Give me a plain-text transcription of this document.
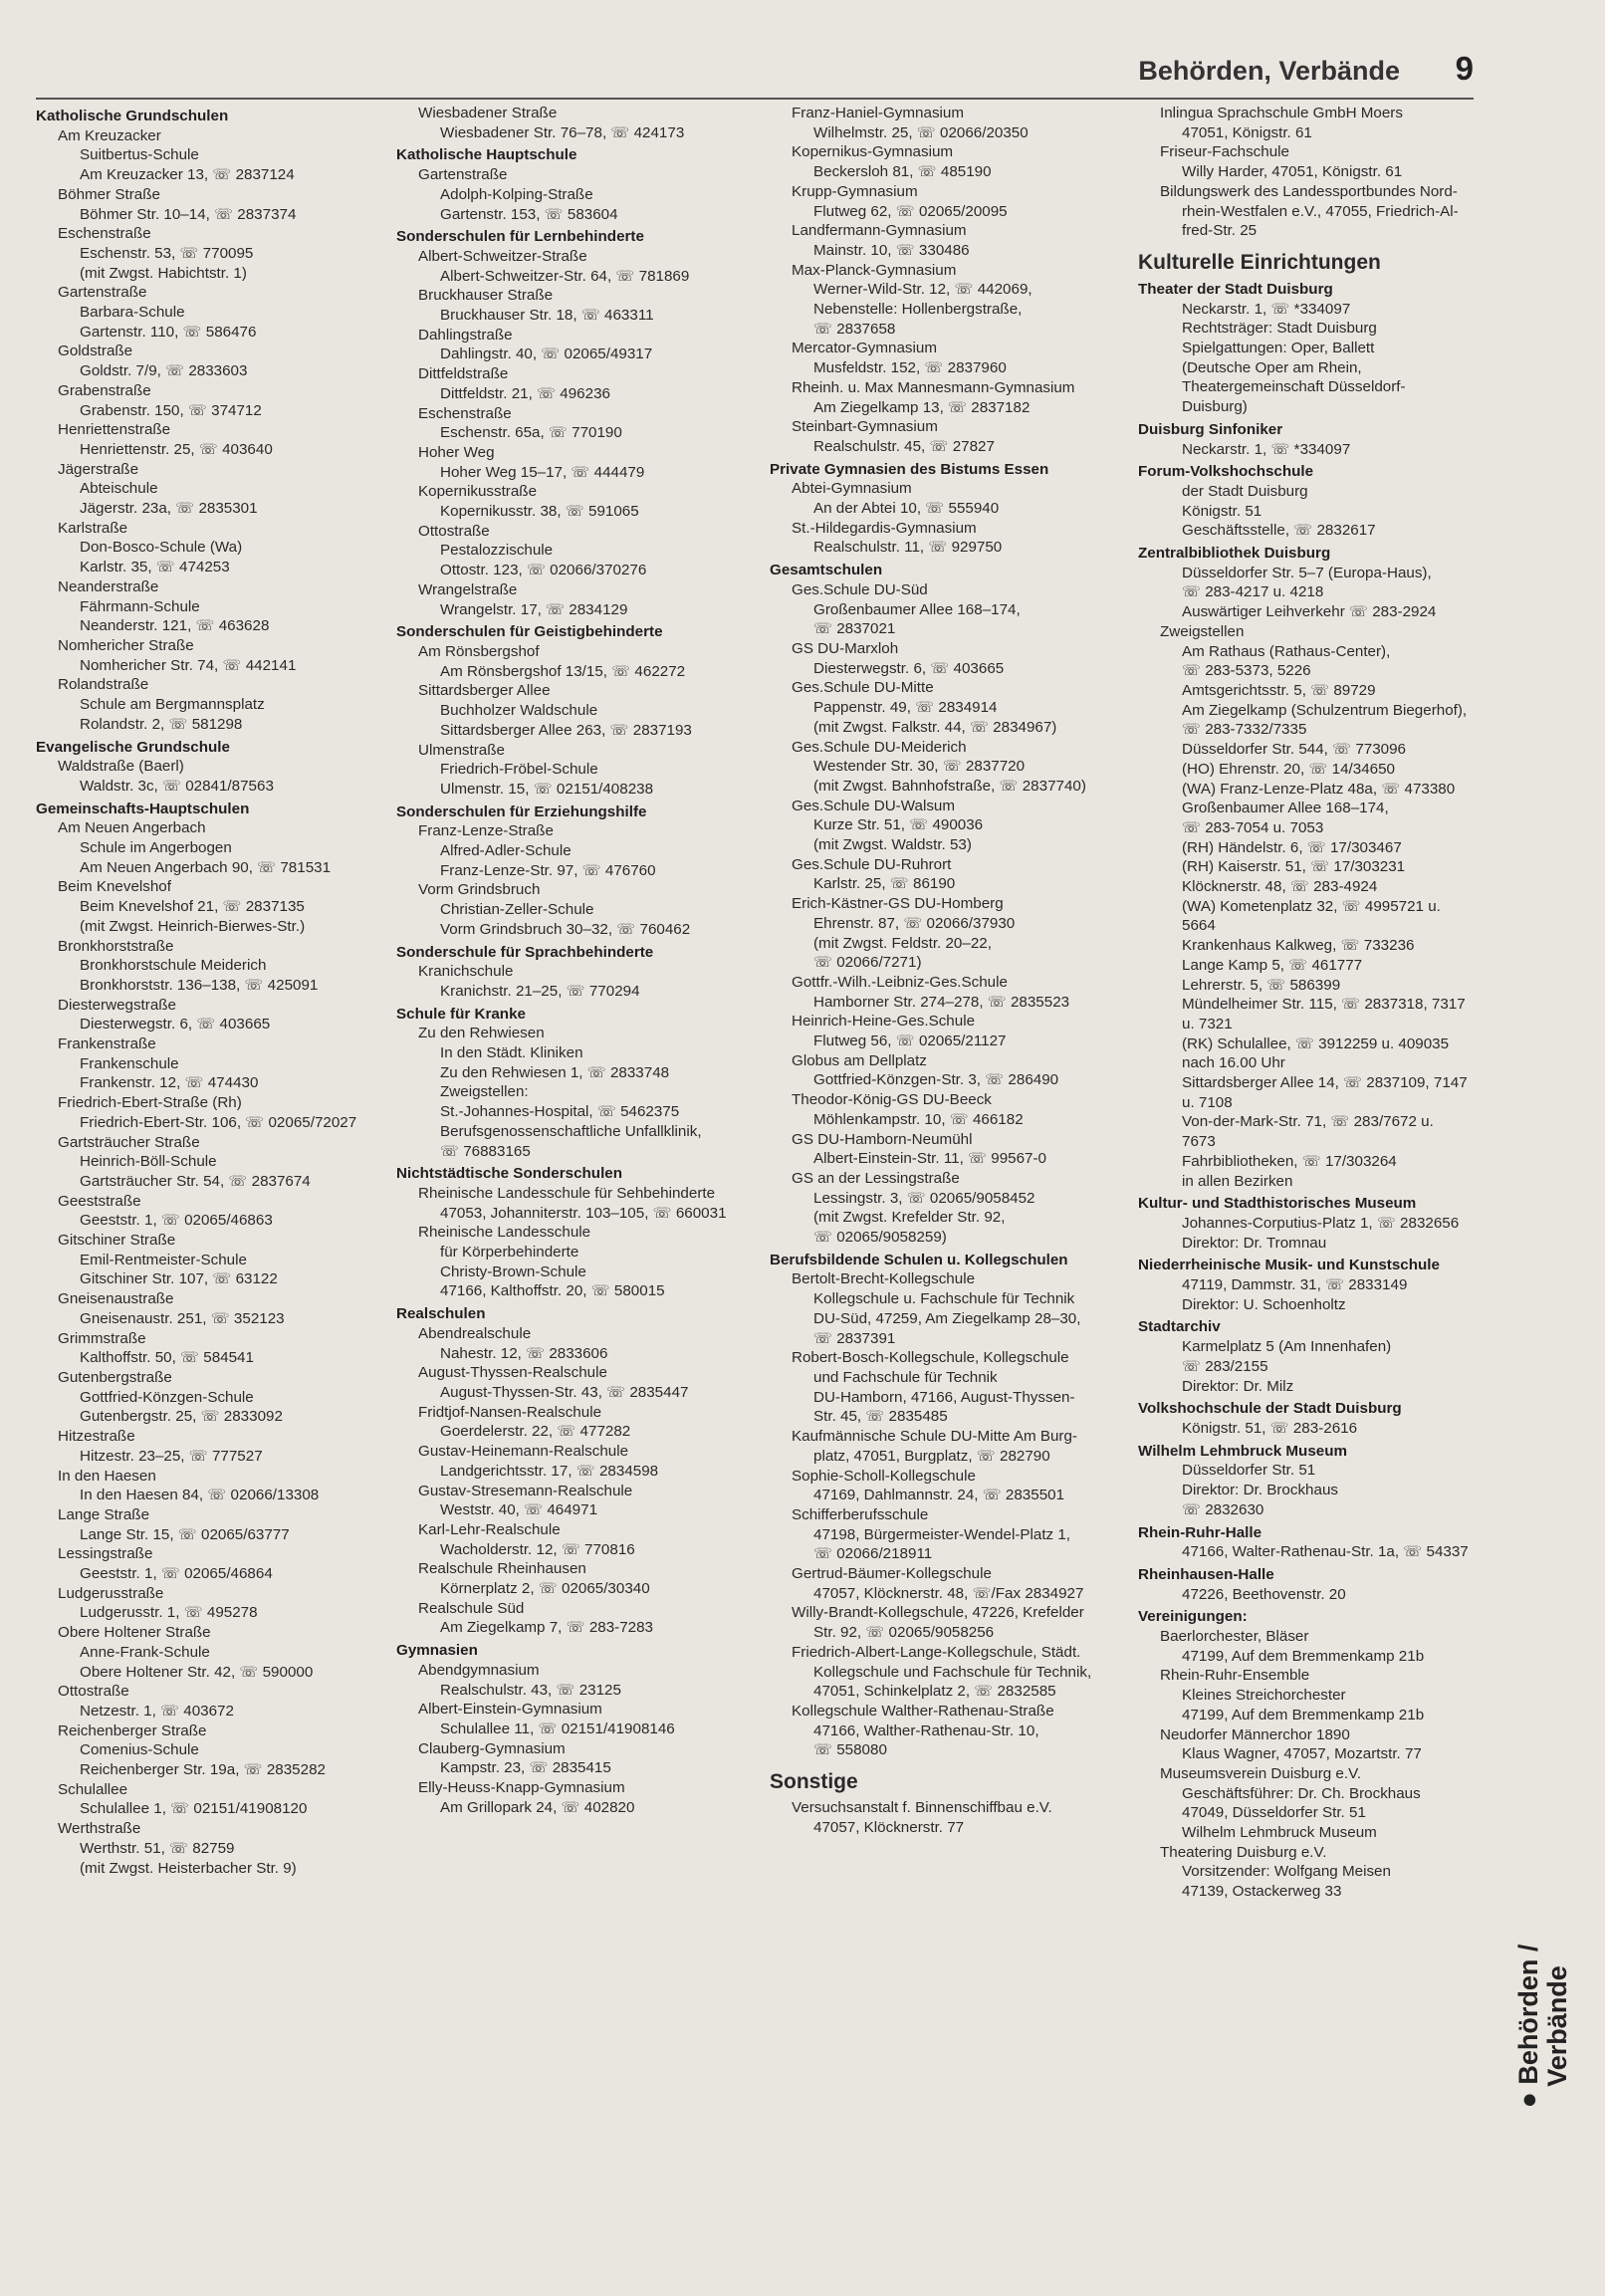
Behörden, Verbände 9
Katholische Grundschulen
Am Kreuzacker
Suitbertus-Schule
Am Kreuzacker 13, ☏ 2837124
Böhmer Straße
Böhmer Str. 10–14, ☏ 2837374
Eschenstraße
Eschenstr. 53, ☏ 770095
(mit Zwgst. Habichtstr. 1)
Gartenstraße
Barbara-Schule
Gartenstr. 110, ☏ 586476
Goldstraße
Goldstr. 7/9, ☏ 2833603
Grabenstraße
Grabenstr. 150, ☏ 374712
Henriettenstraße
Henriettenstr. 25, ☏ 403640
Jägerstraße
Abteischule
Jägerstr. 23a, ☏ 2835301
Karlstraße
Don-Bosco-Schule (Wa)
Karlstr. 35, ☏ 474253
Neanderstraße
Fährmann-Schule
Neanderstr. 121, ☏ 463628
Nomhericher Straße
Nomhericher Str. 74, ☏ 442141
Rolandstraße
Schule am Bergmannsplatz
Rolandstr. 2, ☏ 581298
Evangelische Grundschule
Waldstraße (Baerl)
Waldstr. 3c, ☏ 02841/87563
Gemeinschafts-Hauptschulen
Am Neuen Angerbach
Schule im Angerbogen
Am Neuen Angerbach 90, ☏ 781531
Beim Knevelshof
Beim Knevelshof 21, ☏ 2837135
(mit Zwgst. Heinrich-Bierwes-Str.)
Bronkhorststraße
Bronkhorstschule Meiderich
Bronkhorststr. 136–138, ☏ 425091
Diesterwegstraße
Diesterwegstr. 6, ☏ 403665
Frankenstraße
Frankenschule
Frankenstr. 12, ☏ 474430
Friedrich-Ebert-Straße (Rh)
Friedrich-Ebert-Str. 106, ☏ 02065/72027
Gartsträucher Straße
Heinrich-Böll-Schule
Gartsträucher Str. 54, ☏ 2837674
Geeststraße
Geeststr. 1, ☏ 02065/46863
Gitschiner Straße
Emil-Rentmeister-Schule
Gitschiner Str. 107, ☏ 63122
Gneisenaustraße
Gneisenaustr. 251, ☏ 352123
Grimmstraße
Kalthoffstr. 50, ☏ 584541
Gutenbergstraße
Gottfried-Könzgen-Schule
Gutenbergstr. 25, ☏ 2833092
Hitzestraße
Hitzestr. 23–25, ☏ 777527
In den Haesen
In den Haesen 84, ☏ 02066/13308
Lange Straße
Lange Str. 15, ☏ 02065/63777
Lessingstraße
Geeststr. 1, ☏ 02065/46864
Ludgerusstraße
Ludgerusstr. 1, ☏ 495278
Obere Holtener Straße
Anne-Frank-Schule
Obere Holtener Str. 42, ☏ 590000
Ottostraße
Netzestr. 1, ☏ 403672
Reichenberger Straße
Comenius-Schule
Reichenberger Str. 19a, ☏ 2835282
Schulallee
Schulallee 1, ☏ 02151/41908120
Werthstraße
Werthstr. 51, ☏ 82759
(mit Zwgst. Heisterbacher Str. 9)
Wiesbadener Straße
Wiesbadener Str. 76–78, ☏ 424173
Katholische Hauptschule
Gartenstraße
Adolph-Kolping-Straße
Gartenstr. 153, ☏ 583604
Sonderschulen für Lernbehinderte
Albert-Schweitzer-Straße
Albert-Schweitzer-Str. 64, ☏ 781869
Bruckhauser Straße
Bruckhauser Str. 18, ☏ 463311
Dahlingstraße
Dahlingstr. 40, ☏ 02065/49317
Dittfeldstraße
Dittfeldstr. 21, ☏ 496236
Eschenstraße
Eschenstr. 65a, ☏ 770190
Hoher Weg
Hoher Weg 15–17, ☏ 444479
Kopernikusstraße
Kopernikusstr. 38, ☏ 591065
Ottostraße
Pestalozzischule
Ottostr. 123, ☏ 02066/370276
Wrangelstraße
Wrangelstr. 17, ☏ 2834129
Sonderschulen für Geistigbehinderte
Am Rönsbergshof
Am Rönsbergshof 13/15, ☏ 462272
Sittardsberger Allee
Buchholzer Waldschule
Sittardsberger Allee 263, ☏ 2837193
Ulmenstraße
Friedrich-Fröbel-Schule
Ulmenstr. 15, ☏ 02151/408238
Sonderschulen für Erziehungshilfe
Franz-Lenze-Straße
Alfred-Adler-Schule
Franz-Lenze-Str. 97, ☏ 476760
Vorm Grindsbruch
Christian-Zeller-Schule
Vorm Grindsbruch 30–32, ☏ 760462
Sonderschule für Sprachbehinderte
Kranichschule
Kranichstr. 21–25, ☏ 770294
Schule für Kranke
Zu den Rehwiesen
In den Städt. Kliniken
Zu den Rehwiesen 1, ☏ 2833748
Zweigstellen:
St.-Johannes-Hospital, ☏ 5462375
Berufsgenossenschaftliche Unfallklinik,
☏ 76883165
Nichtstädtische Sonderschulen
Rheinische Landesschule für Sehbehinderte
47053, Johanniterstr. 103–105, ☏ 660031
Rheinische Landesschule
für Körperbehinderte
Christy-Brown-Schule
47166, Kalthoffstr. 20, ☏ 580015
Realschulen
Abendrealschule
Nahestr. 12, ☏ 2833606
August-Thyssen-Realschule
August-Thyssen-Str. 43, ☏ 2835447
Fridtjof-Nansen-Realschule
Goerdelerstr. 22, ☏ 477282
Gustav-Heinemann-Realschule
Landgerichtsstr. 17, ☏ 2834598
Gustav-Stresemann-Realschule
Weststr. 40, ☏ 464971
Karl-Lehr-Realschule
Wacholderstr. 12, ☏ 770816
Realschule Rheinhausen
Körnerplatz 2, ☏ 02065/30340
Realschule Süd
Am Ziegelkamp 7, ☏ 283-7283
Gymnasien
Abendgymnasium
Realschulstr. 43, ☏ 23125
Albert-Einstein-Gymnasium
Schulallee 11, ☏ 02151/41908146
Clauberg-Gymnasium
Kampstr. 23, ☏ 2835415
Elly-Heuss-Knapp-Gymnasium
Am Grillopark 24, ☏ 402820
Franz-Haniel-Gymnasium
Wilhelmstr. 25, ☏ 02066/20350
Kopernikus-Gymnasium
Beckersloh 81, ☏ 485190
Krupp-Gymnasium
Flutweg 62, ☏ 02065/20095
Landfermann-Gymnasium
Mainstr. 10, ☏ 330486
Max-Planck-Gymnasium
Werner-Wild-Str. 12, ☏ 442069,
Nebenstelle: Hollenbergstraße,
☏ 2837658
Mercator-Gymnasium
Musfeldstr. 152, ☏ 2837960
Rheinh. u. Max Mannesmann-Gymnasium
Am Ziegelkamp 13, ☏ 2837182
Steinbart-Gymnasium
Realschulstr. 45, ☏ 27827
Private Gymnasien des Bistums Essen
Abtei-Gymnasium
An der Abtei 10, ☏ 555940
St.-Hildegardis-Gymnasium
Realschulstr. 11, ☏ 929750
Gesamtschulen
Ges.Schule DU-Süd
Großenbaumer Allee 168–174,
☏ 2837021
GS DU-Marxloh
Diesterwegstr. 6, ☏ 403665
Ges.Schule DU-Mitte
Pappenstr. 49, ☏ 2834914
(mit Zwgst. Falkstr. 44, ☏ 2834967)
Ges.Schule DU-Meiderich
Westender Str. 30, ☏ 2837720
(mit Zwgst. Bahnhofstraße, ☏ 2837740)
Ges.Schule DU-Walsum
Kurze Str. 51, ☏ 490036
(mit Zwgst. Waldstr. 53)
Ges.Schule DU-Ruhrort
Karlstr. 25, ☏ 86190
Erich-Kästner-GS DU-Homberg
Ehrenstr. 87, ☏ 02066/37930
(mit Zwgst. Feldstr. 20–22,
☏ 02066/7271)
Gottfr.-Wilh.-Leibniz-Ges.Schule
Hamborner Str. 274–278, ☏ 2835523
Heinrich-Heine-Ges.Schule
Flutweg 56, ☏ 02065/21127
Globus am Dellplatz
Gottfried-Könzgen-Str. 3, ☏ 286490
Theodor-König-GS DU-Beeck
Möhlenkampstr. 10, ☏ 466182
GS DU-Hamborn-Neumühl
Albert-Einstein-Str. 11, ☏ 99567-0
GS an der Lessingstraße
Lessingstr. 3, ☏ 02065/9058452
(mit Zwgst. Krefelder Str. 92,
☏ 02065/9058259)
Berufsbildende Schulen u. Kollegschulen
Bertolt-Brecht-Kollegschule
Kollegschule u. Fachschule für Technik
DU-Süd, 47259, Am Ziegelkamp 28–30,
☏ 2837391
Robert-Bosch-Kollegschule, Kollegschule
und Fachschule für Technik
DU-Hamborn, 47166, August-Thyssen-
Str. 45, ☏ 2835485
Kaufmännische Schule DU-Mitte Am Burg-
platz, 47051, Burgplatz, ☏ 282790
Sophie-Scholl-Kollegschule
47169, Dahlmannstr. 24, ☏ 2835501
Schifferberufsschule
47198, Bürgermeister-Wendel-Platz 1,
☏ 02066/218911
Gertrud-Bäumer-Kollegschule
47057, Klöcknerstr. 48, ☏/Fax 2834927
Willy-Brandt-Kollegschule, 47226, Krefelder
Str. 92, ☏ 02065/9058256
Friedrich-Albert-Lange-Kollegschule, Städt.
Kollegschule und Fachschule für Technik,
47051, Schinkelplatz 2, ☏ 2832585
Kollegschule Walther-Rathenau-Straße
47166, Walther-Rathenau-Str. 10,
☏ 558080
Sonstige
Versuchsanstalt f. Binnenschiffbau e.V.
47057, Klöcknerstr. 77
Inlingua Sprachschule GmbH Moers
47051, Königstr. 61
Friseur-Fachschule
Willy Harder, 47051, Königstr. 61
Bildungswerk des Landessportbundes Nord-
rhein-Westfalen e.V., 47055, Friedrich-Al-
fred-Str. 25
Kulturelle Einrichtungen
Theater der Stadt Duisburg
Neckarstr. 1, ☏ *334097
Rechtsträger: Stadt Duisburg
Spielgattungen: Oper, Ballett
(Deutsche Oper am Rhein,
Theatergemeinschaft Düsseldorf-
Duisburg)
Duisburg Sinfoniker
Neckarstr. 1, ☏ *334097
Forum-Volkshochschule
der Stadt Duisburg
Königstr. 51
Geschäftsstelle, ☏ 2832617
Zentralbibliothek Duisburg
Düsseldorfer Str. 5–7 (Europa-Haus),
☏ 283-4217 u. 4218
Auswärtiger Leihverkehr ☏ 283-2924
Zweigstellen
Am Rathaus (Rathaus-Center),
☏ 283-5373, 5226
Amtsgerichtsstr. 5, ☏ 89729
Am Ziegelkamp (Schulzentrum Biegerhof),
☏ 283-7332/7335
Düsseldorfer Str. 544, ☏ 773096
(HO) Ehrenstr. 20, ☏ 14/34650
(WA) Franz-Lenze-Platz 48a, ☏ 473380
Großenbaumer Allee 168–174,
☏ 283-7054 u. 7053
(RH) Händelstr. 6, ☏ 17/303467
(RH) Kaiserstr. 51, ☏ 17/303231
Klöcknerstr. 48, ☏ 283-4924
(WA) Kometenplatz 32, ☏ 4995721 u.
5664
Krankenhaus Kalkweg, ☏ 733236
Lange Kamp 5, ☏ 461777
Lehrerstr. 5, ☏ 586399
Mündelheimer Str. 115, ☏ 2837318, 7317
u. 7321
(RK) Schulallee, ☏ 3912259 u. 409035
nach 16.00 Uhr
Sittardsberger Allee 14, ☏ 2837109, 7147
u. 7108
Von-der-Mark-Str. 71, ☏ 283/7672 u.
7673
Fahrbibliotheken, ☏ 17/303264
in allen Bezirken
Kultur- und Stadthistorisches Museum
Johannes-Corputius-Platz 1, ☏ 2832656
Direktor: Dr. Tromnau
Niederrheinische Musik- und Kunstschule
47119, Dammstr. 31, ☏ 2833149
Direktor: U. Schoenholtz
Stadtarchiv
Karmelplatz 5 (Am Innenhafen)
☏ 283/2155
Direktor: Dr. Milz
Volkshochschule der Stadt Duisburg
Königstr. 51, ☏ 283-2616
Wilhelm Lehmbruck Museum
Düsseldorfer Str. 51
Direktor: Dr. Brockhaus
☏ 2832630
Rhein-Ruhr-Halle
47166, Walter-Rathenau-Str. 1a, ☏ 54337
Rheinhausen-Halle
47226, Beethovenstr. 20
Vereinigungen:
Baerlorchester, Bläser
47199, Auf dem Bremmenkamp 21b
Rhein-Ruhr-Ensemble
Kleines Streichorchester
47199, Auf dem Bremmenkamp 21b
Neudorfer Männerchor 1890
Klaus Wagner, 47057, Mozartstr. 77
Museumsverein Duisburg e.V.
Geschäftsführer: Dr. Ch. Brockhaus
47049, Düsseldorfer Str. 51
Wilhelm Lehmbruck Museum
Theatering Duisburg e.V.
Vorsitzender: Wolfgang Meisen
47139, Ostackerweg 33
● Behörden / Verbände
